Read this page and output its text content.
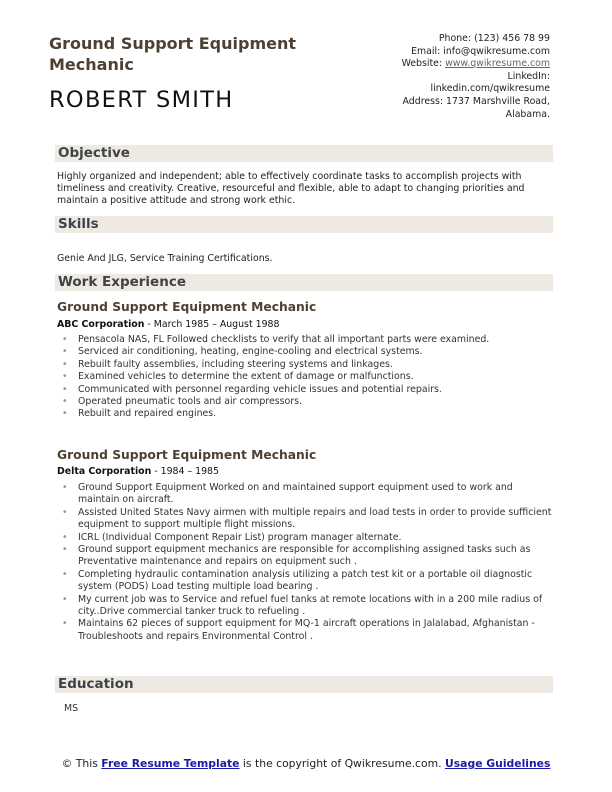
Ground Support Equipment Mechanic
ROBERT SMITH
Phone: (123) 456 78 99
Email: info@qwikresume.com
Website: www.qwikresume.com
LinkedIn:
linkedin.com/qwikresume
Address: 1737 Marshville Road,
Alabama.
Objective
Highly organized and independent; able to effectively coordinate tasks to accomplish projects with timeliness and creativity. Creative, resourceful and flexible, able to adapt to changing priorities and maintain a positive attitude and strong work ethic.
Skills
Genie And JLG, Service Training Certifications.
Work Experience
Ground Support Equipment Mechanic
ABC Corporation - March 1985 – August 1988
• Pensacola NAS, FL Followed checklists to verify that all important parts were examined.
• Serviced air conditioning, heating, engine-cooling and electrical systems.
• Rebuilt faulty assemblies, including steering systems and linkages.
• Examined vehicles to determine the extent of damage or malfunctions.
• Communicated with personnel regarding vehicle issues and potential repairs.
• Operated pneumatic tools and air compressors.
• Rebuilt and repaired engines.
Ground Support Equipment Mechanic
Delta Corporation - 1984 – 1985
• Ground Support Equipment Worked on and maintained support equipment used to work and maintain on aircraft.
• Assisted United States Navy airmen with multiple repairs and load tests in order to provide sufficient equipment to support multiple flight missions.
• ICRL (Individual Component Repair List) program manager alternate.
• Ground support equipment mechanics are responsible for accomplishing assigned tasks such as Preventative maintenance and repairs on equipment such .
• Completing hydraulic contamination analysis utilizing a patch test kit or a portable oil diagnostic system (PODS) Load testing multiple load bearing .
• My current job was to Service and refuel fuel tanks at remote locations with in a 200 mile radius of city..Drive commercial tanker truck to refueling .
• Maintains 62 pieces of support equipment for MQ-1 aircraft operations in Jalalabad, Afghanistan -Troubleshoots and repairs Environmental Control .
Education
MS
© This Free Resume Template is the copyright of Qwikresume.com. Usage Guidelines
